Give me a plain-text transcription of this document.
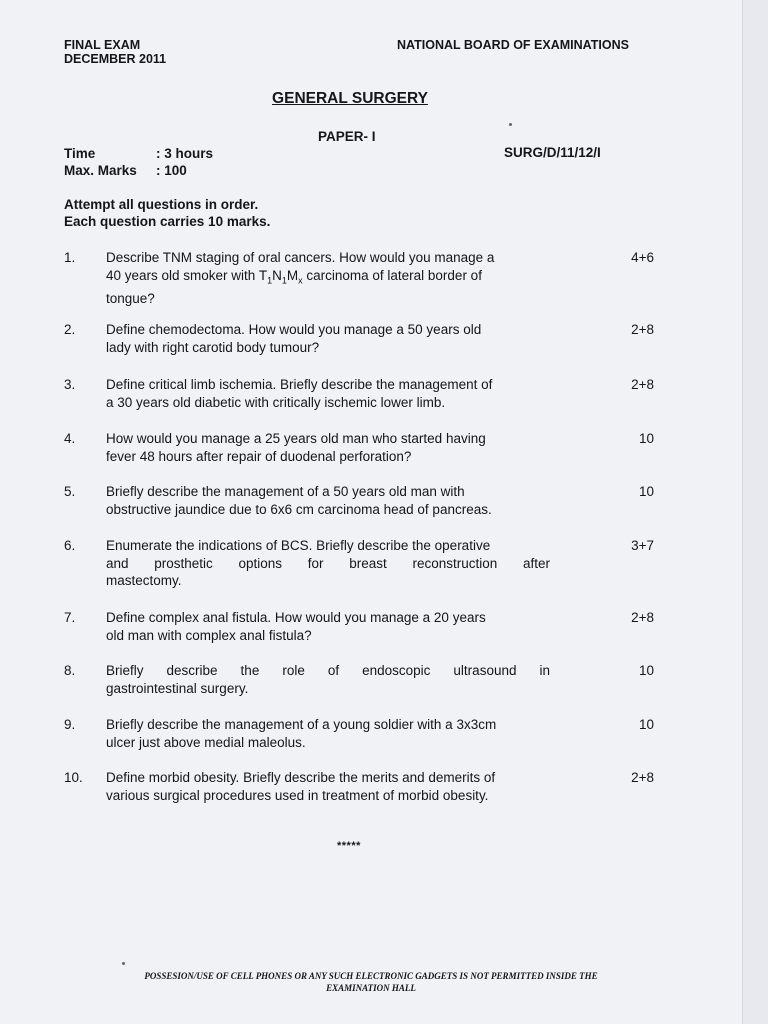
FINAL EXAM
DECEMBER 2011
NATIONAL BOARD OF EXAMINATIONS
GENERAL SURGERY
PAPER- I
Time	: 3 hours
Max. Marks	: 100
SURG/D/11/12/I
Attempt all questions in order.
Each question carries 10 marks.
1. Describe TNM staging of oral cancers. How would you manage a
40 years old smoker with $T_1N_1M_x$ carcinoma of lateral border of
tongue?
4+6
2. Define chemodectoma. How would you manage a 50 years old
lady with right carotid body tumour?
2+8
3. Define critical limb ischemia. Briefly describe the management of
a 30 years old diabetic with critically ischemic lower limb.
2+8
4. How would you manage a 25 years old man who started having
fever 48 hours after repair of duodenal perforation?
10
5. Briefly describe the management of a 50 years old man with
obstructive jaundice due to 6x6 cm carcinoma head of pancreas.
10
6. Enumerate the indications of BCS. Briefly describe the operative
and prosthetic options for breast reconstruction after
mastectomy.
3+7
7. Define complex anal fistula. How would you manage a 20 years
old man with complex anal fistula?
2+8
8. Briefly describe the role of endoscopic ultrasound in
gastrointestinal surgery.
10
9. Briefly describe the management of a young soldier with a 3x3cm
ulcer just above medial maleolus.
10
10. Define morbid obesity. Briefly describe the merits and demerits of
various surgical procedures used in treatment of morbid obesity.
2+8
*****
POSSESION/USE OF CELL PHONES OR ANY SUCH ELECTRONIC GADGETS IS NOT PERMITTED INSIDE THE
EXAMINATION HALL
